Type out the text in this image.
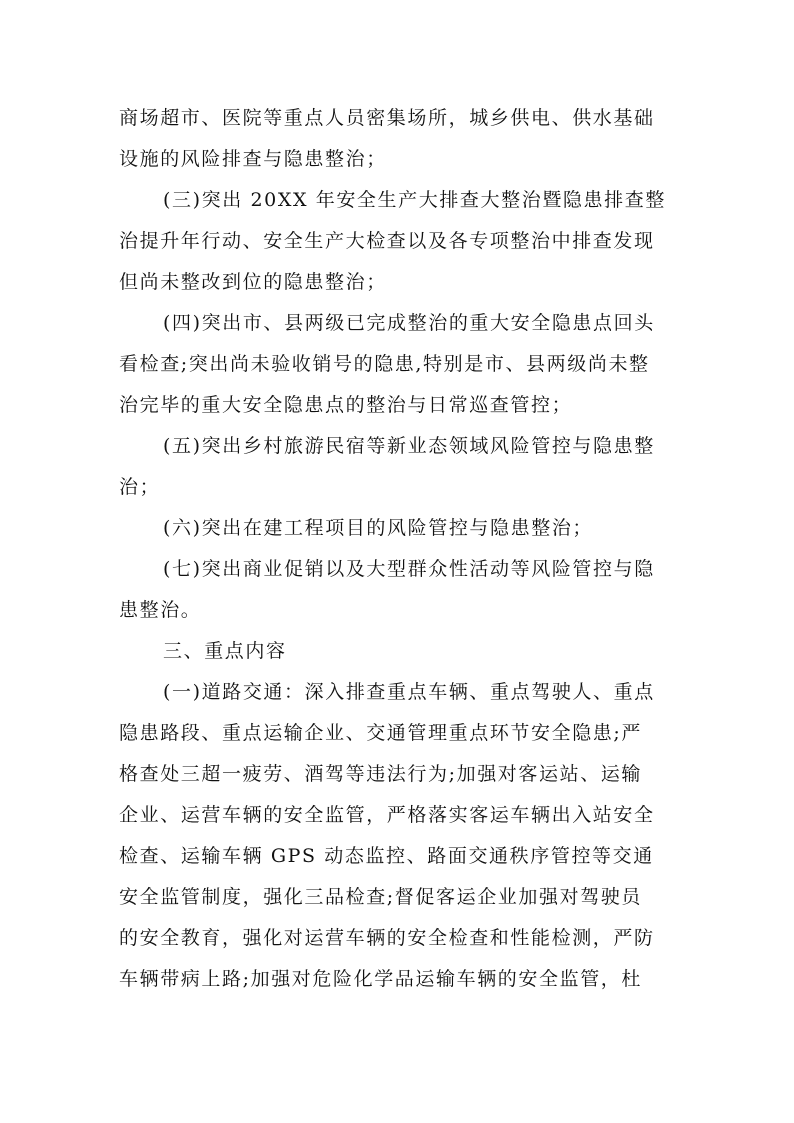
商场超市、医院等重点人员密集场所，城乡供电、供水基础
设施的风险排查与隐患整治；
(三)突出 20XX 年安全生产大排查大整治暨隐患排查整
治提升年行动、安全生产大检查以及各专项整治中排查发现
但尚未整改到位的隐患整治；
(四)突出市、县两级已完成整治的重大安全隐患点回头
看检查;突出尚未验收销号的隐患,特别是市、县两级尚未整
治完毕的重大安全隐患点的整治与日常巡查管控；
(五)突出乡村旅游民宿等新业态领域风险管控与隐患整
治；
(六)突出在建工程项目的风险管控与隐患整治；
(七)突出商业促销以及大型群众性活动等风险管控与隐
患整治。
三、重点内容
(一)道路交通：深入排查重点车辆、重点驾驶人、重点
隐患路段、重点运输企业、交通管理重点环节安全隐患;严
格查处三超一疲劳、酒驾等违法行为;加强对客运站、运输
企业、运营车辆的安全监管，严格落实客运车辆出入站安全
检查、运输车辆 GPS 动态监控、路面交通秩序管控等交通
安全监管制度，强化三品检查;督促客运企业加强对驾驶员
的安全教育，强化对运营车辆的安全检查和性能检测，严防
车辆带病上路;加强对危险化学品运输车辆的安全监管，杜
